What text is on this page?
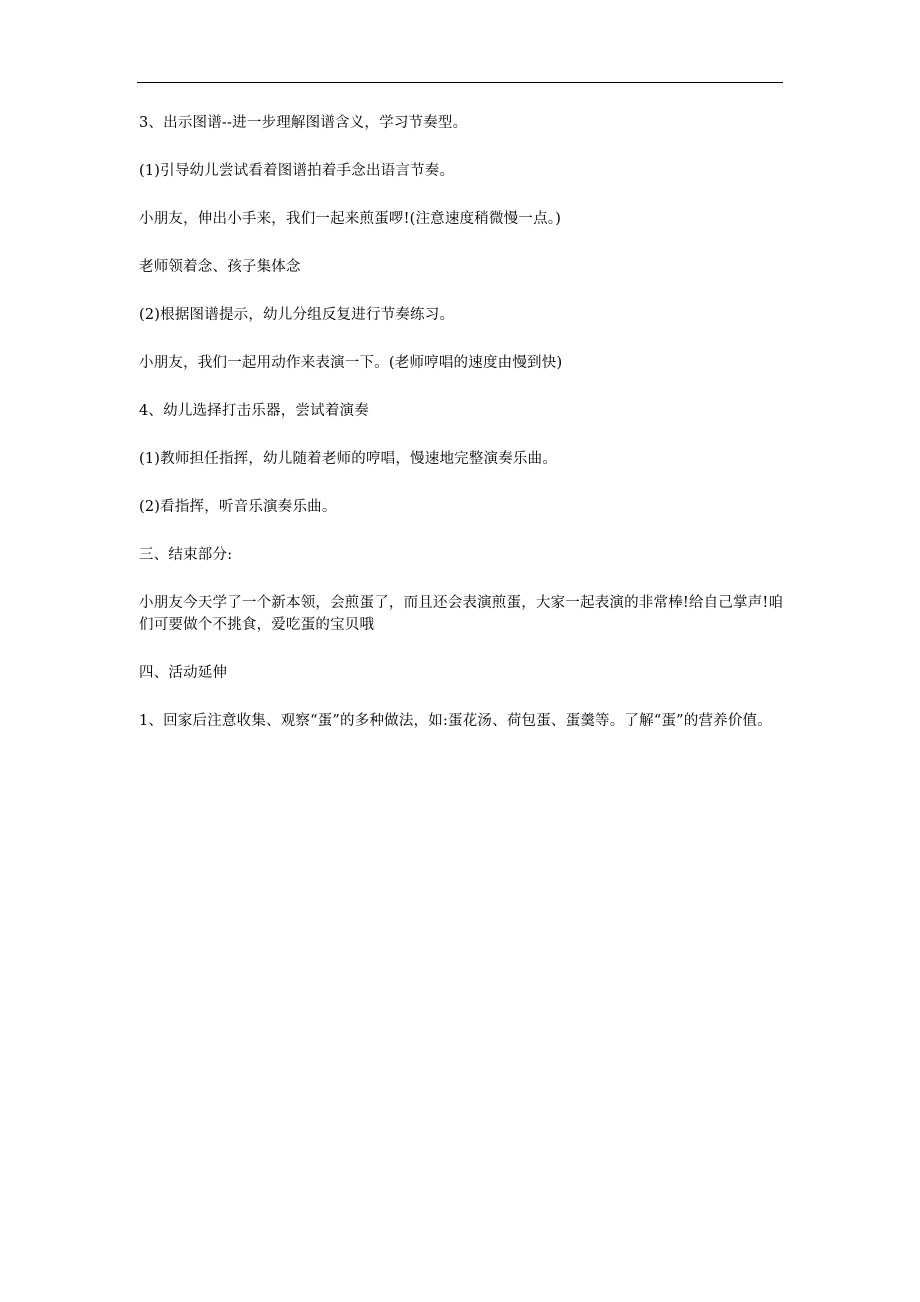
3、出示图谱--进一步理解图谱含义，学习节奏型。

(1)引导幼儿尝试看着图谱拍着手念出语言节奏。

小朋友，伸出小手来，我们一起来煎蛋啰!(注意速度稍微慢一点。)

老师领着念、孩子集体念

(2)根据图谱提示，幼儿分组反复进行节奏练习。

小朋友，我们一起用动作来表演一下。(老师哼唱的速度由慢到快)

4、幼儿选择打击乐器，尝试着演奏

(1)教师担任指挥，幼儿随着老师的哼唱，慢速地完整演奏乐曲。

(2)看指挥，听音乐演奏乐曲。

三、结束部分:

小朋友今天学了一个新本领，会煎蛋了，而且还会表演煎蛋，大家一起表演的非常棒!给自己掌声!咱们可要做个不挑食，爱吃蛋的宝贝哦

四、活动延伸

1、回家后注意收集、观察“蛋”的多种做法，如:蛋花汤、荷包蛋、蛋羹等。了解“蛋”的营养价值。
